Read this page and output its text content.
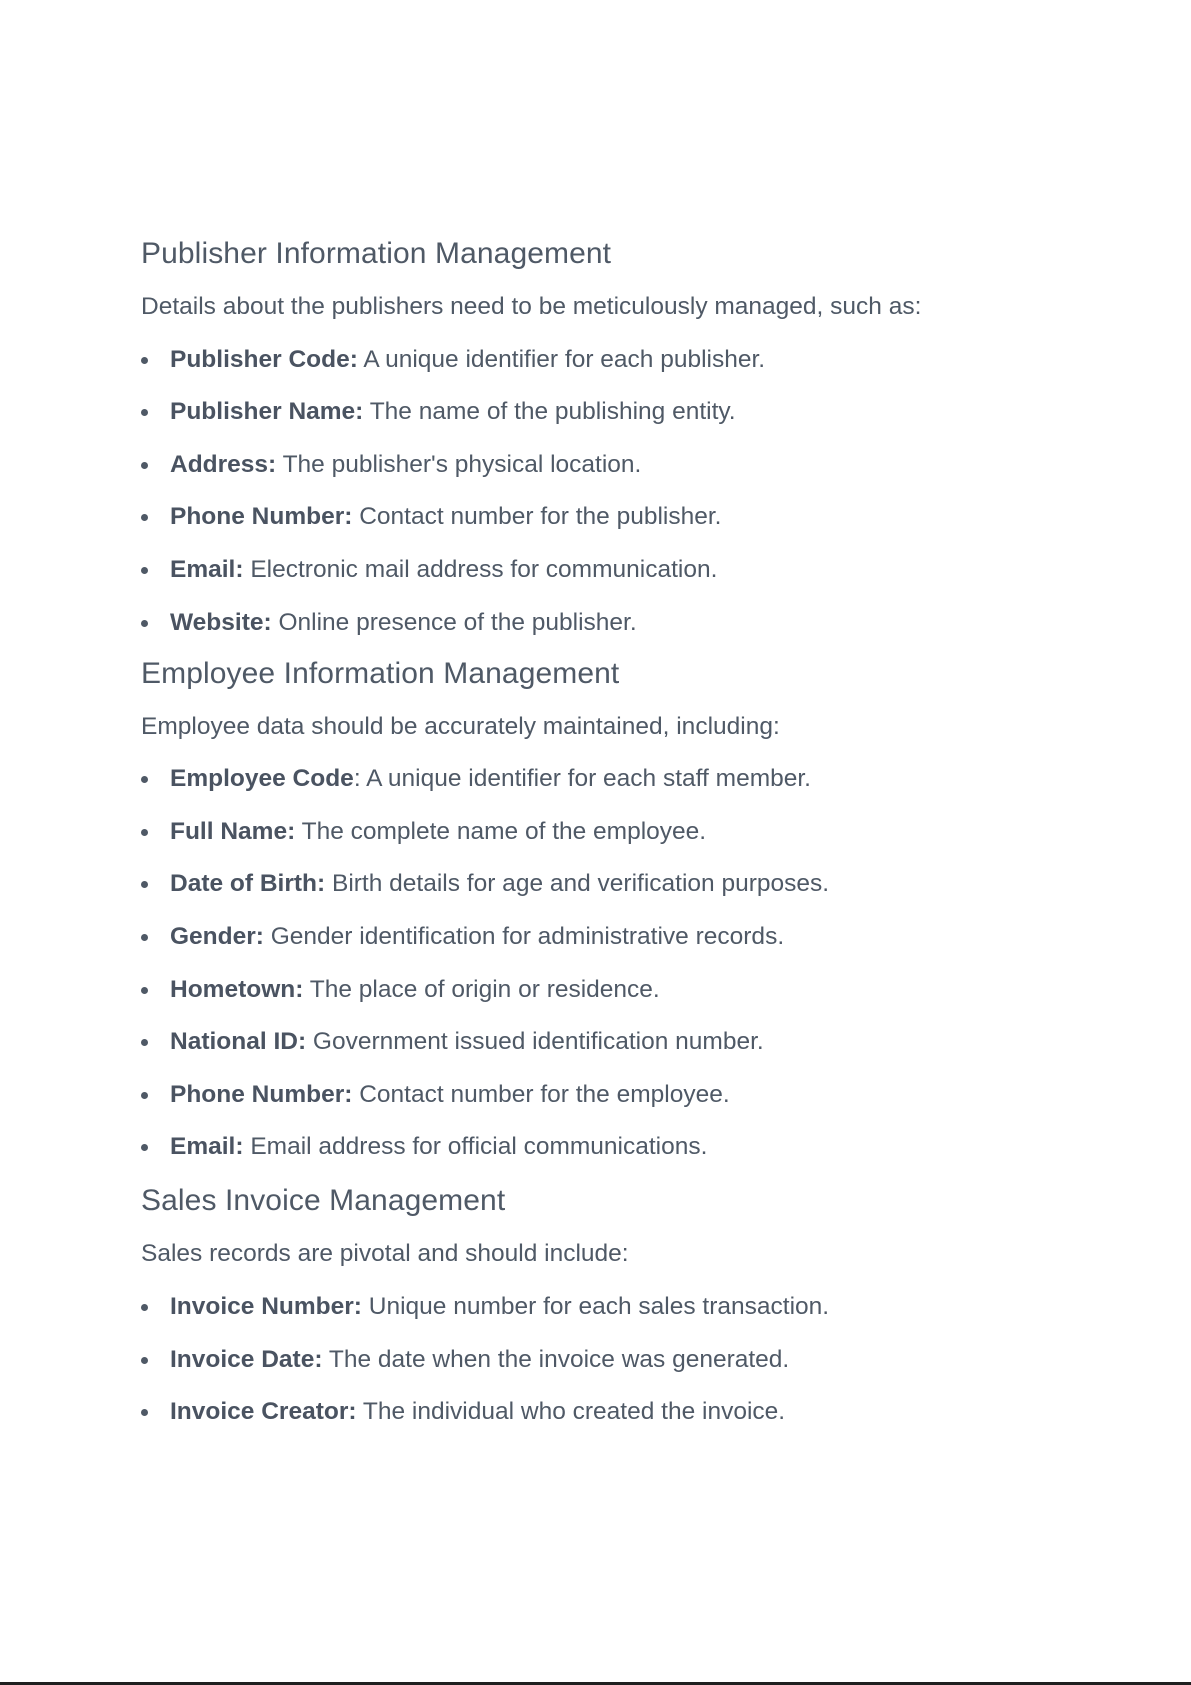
Publisher Information Management

Details about the publishers need to be meticulously managed, such as:

Publisher Code: A unique identifier for each publisher.
Publisher Name: The name of the publishing entity.
Address: The publisher's physical location.
Phone Number: Contact number for the publisher.
Email: Electronic mail address for communication.
Website: Online presence of the publisher.
Employee Information Management

Employee data should be accurately maintained, including:

Employee Code: A unique identifier for each staff member.
Full Name: The complete name of the employee.
Date of Birth: Birth details for age and verification purposes.
Gender: Gender identification for administrative records.
Hometown: The place of origin or residence.
National ID: Government issued identification number.
Phone Number: Contact number for the employee.
Email: Email address for official communications.
Sales Invoice Management

Sales records are pivotal and should include:

Invoice Number: Unique number for each sales transaction.
Invoice Date: The date when the invoice was generated.
Invoice Creator: The individual who created the invoice.
